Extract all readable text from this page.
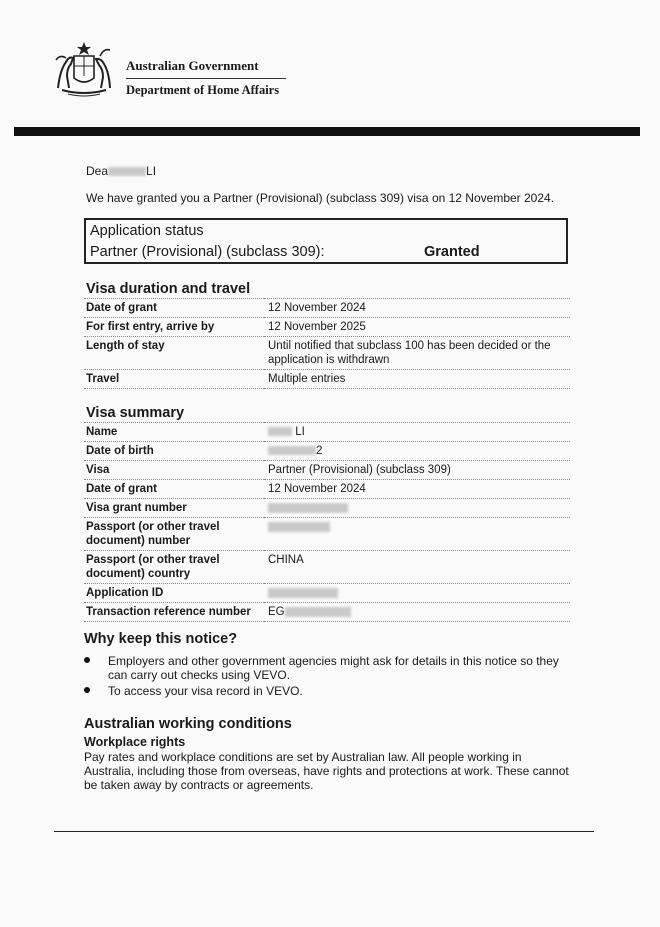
Australian Government
Department of Home Affairs
Dea	LI
We have granted you a Partner (Provisional) (subclass 309) visa on 12 November 2024.
Application status
Partner (Provisional) (subclass 309):	Granted
Visa duration and travel
Date of grant	12 November 2024
For first entry, arrive by	12 November 2025
Length of stay	Until notified that subclass 100 has been decided or the application is withdrawn
Travel	Multiple entries
Visa summary
Name	LI
Date of birth	2
Visa	Partner (Provisional) (subclass 309)
Date of grant	12 November 2024
Visa grant number	
Passport (or other travel document) number	
Passport (or other travel document) country	CHINA
Application ID	
Transaction reference number	EG
Why keep this notice?
Employers and other government agencies might ask for details in this notice so they can carry out checks using VEVO.
To access your visa record in VEVO.
Australian working conditions
Workplace rights
Pay rates and workplace conditions are set by Australian law. All people working in Australia, including those from overseas, have rights and protections at work. These cannot be taken away by contracts or agreements.
